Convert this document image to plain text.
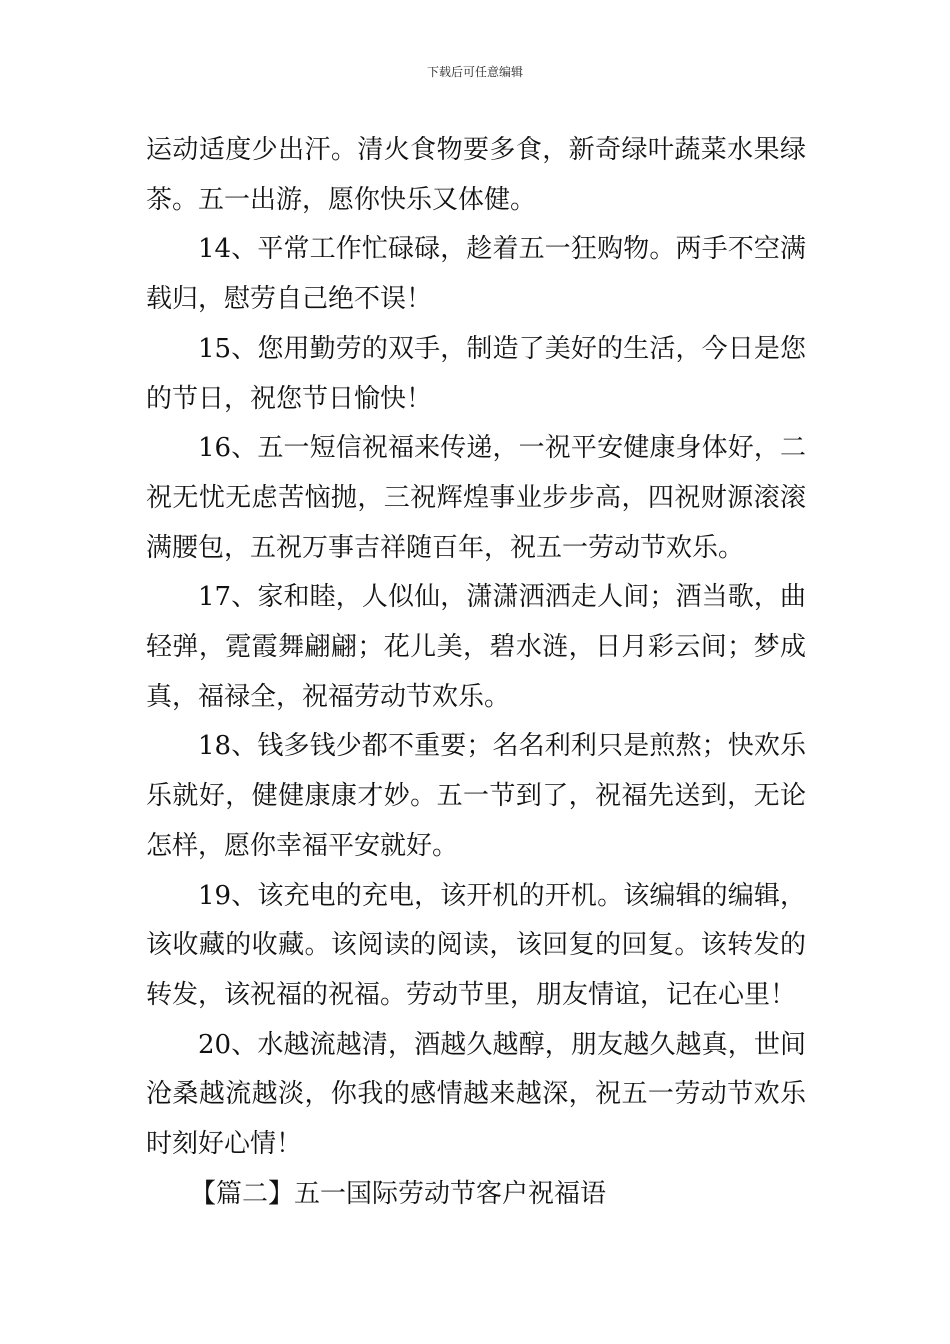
下载后可任意编辑

运动适度少出汗。清火食物要多食，新奇绿叶蔬菜水果绿茶。五一出游，愿你快乐又体健。

14、平常工作忙碌碌，趁着五一狂购物。两手不空满载归，慰劳自己绝不误！

15、您用勤劳的双手，制造了美好的生活，今日是您的节日，祝您节日愉快！

16、五一短信祝福来传递，一祝平安健康身体好，二祝无忧无虑苦恼抛，三祝辉煌事业步步高，四祝财源滚滚满腰包，五祝万事吉祥随百年，祝五一劳动节欢乐。

17、家和睦，人似仙，潇潇洒洒走人间；酒当歌，曲轻弹，霓霞舞翩翩；花儿美，碧水涟，日月彩云间；梦成真，福禄全，祝福劳动节欢乐。

18、钱多钱少都不重要；名名利利只是煎熬；快欢乐乐就好，健健康康才妙。五一节到了，祝福先送到，无论怎样，愿你幸福平安就好。

19、该充电的充电，该开机的开机。该编辑的编辑，该收藏的收藏。该阅读的阅读，该回复的回复。该转发的转发，该祝福的祝福。劳动节里，朋友情谊，记在心里！

20、水越流越清，酒越久越醇，朋友越久越真，世间沧桑越流越淡，你我的感情越来越深，祝五一劳动节欢乐时刻好心情！

【篇二】五一国际劳动节客户祝福语
